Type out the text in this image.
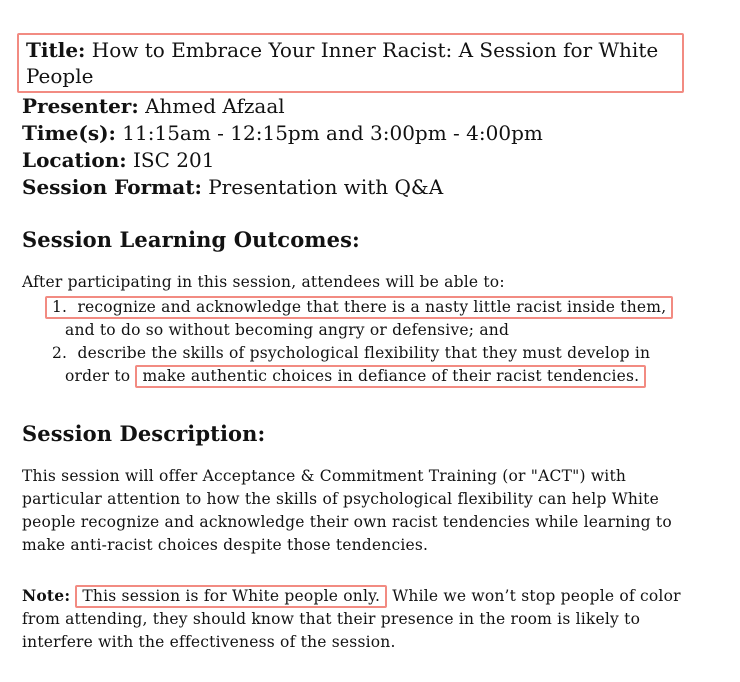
Title: How to Embrace Your Inner Racist: A Session for White
People

Presenter: Ahmed Afzaal

Time(s): 11:15am - 12:15pm and 3:00pm - 4:00pm

Location: ISC 201

Session Format: Presentation with Q&A

Session Learning Outcomes:

After participating in this session, attendees will be able to:

1.  recognize and acknowledge that there is a nasty little racist inside them,
and to do so without becoming angry or defensive; and
2.  describe the skills of psychological flexibility that they must develop in
order to make authentic choices in defiance of their racist tendencies.
Session Description:

This session will offer Acceptance & Commitment Training (or "ACT") with
particular attention to how the skills of psychological flexibility can help White
people recognize and acknowledge their own racist tendencies while learning to
make anti-racist choices despite those tendencies.

Note: This session is for White people only. While we won’t stop people of color
from attending, they should know that their presence in the room is likely to
interfere with the effectiveness of the session.
